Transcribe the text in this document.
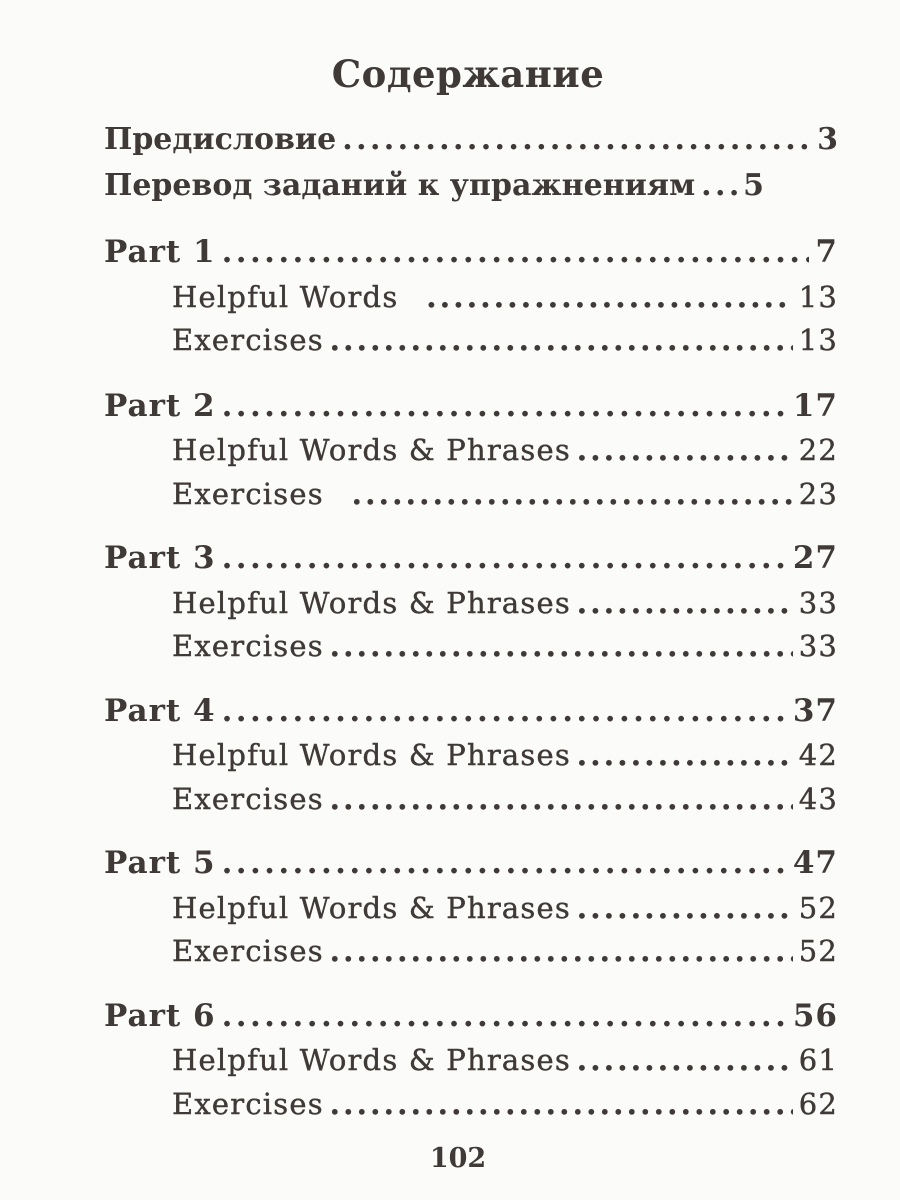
Содержание
Предисловие .....	3
Перевод заданий к упражнениям ..... 5
Part 1 .....	7
Helpful Words .....	13
Exercises .....	13
Part 2 .....	17
Helpful Words & Phrases .....	22
Exercises .....	23
Part 3 .....	27
Helpful Words & Phrases .....	33
Exercises .....	33
Part 4 .....	37
Helpful Words & Phrases .....	42
Exercises .....	43
Part 5 .....	47
Helpful Words & Phrases .....	52
Exercises .....	52
Part 6 .....	56
Helpful Words & Phrases .....	61
Exercises .....	62
102
